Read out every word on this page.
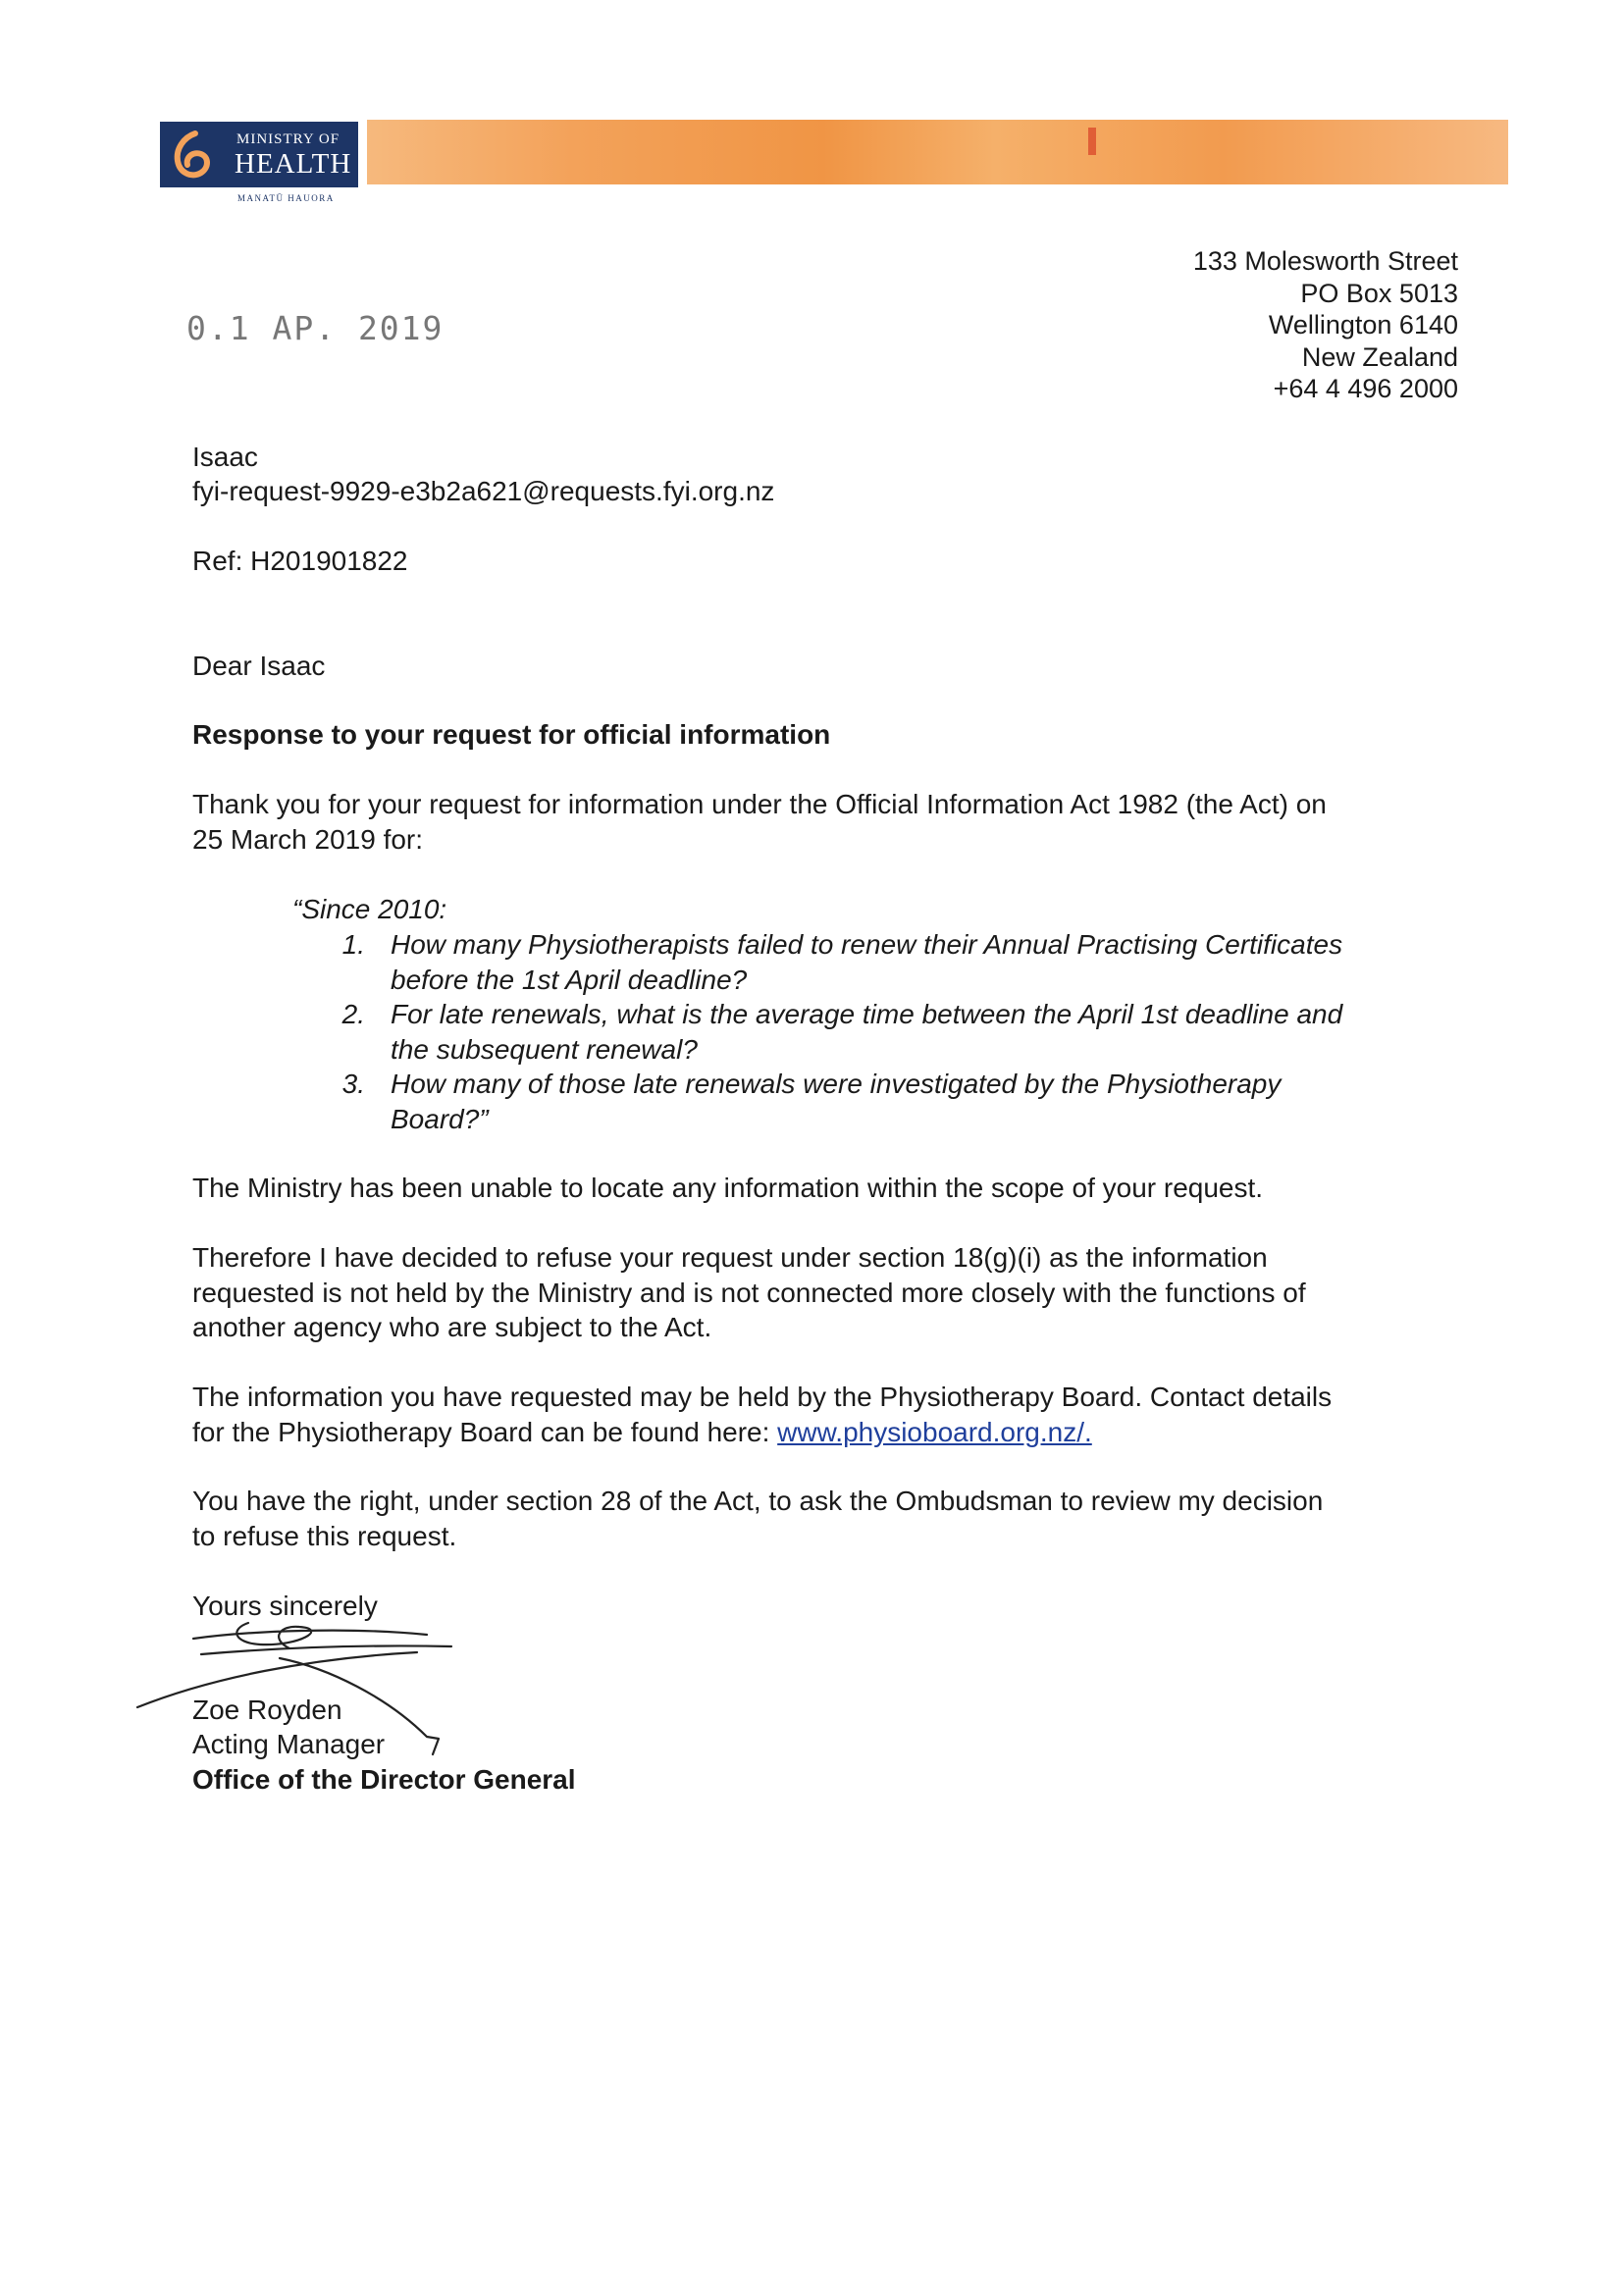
MINISTRY OF
HEALTH
MANATŪ HAUORA
133 Molesworth Street
PO Box 5013
Wellington 6140
New Zealand
+64 4 496 2000
0.1 AP. 2019
Isaac
fyi-request-9929-e3b2a621@requests.fyi.org.nz
Ref: H201901822
Dear Isaac
Response to your request for official information
Thank you for your request for information under the Official Information Act 1982 (the Act) on
25 March 2019 for:
“Since 2010:
1. How many Physiotherapists failed to renew their Annual Practising Certificates
before the 1st April deadline?
2. For late renewals, what is the average time between the April 1st deadline and
the subsequent renewal?
3. How many of those late renewals were investigated by the Physiotherapy
Board?”
The Ministry has been unable to locate any information within the scope of your request.
Therefore I have decided to refuse your request under section 18(g)(i) as the information
requested is not held by the Ministry and is not connected more closely with the functions of
another agency who are subject to the Act.
The information you have requested may be held by the Physiotherapy Board. Contact details
for the Physiotherapy Board can be found here: www.physioboard.org.nz/.
You have the right, under section 28 of the Act, to ask the Ombudsman to review my decision
to refuse this request.
Yours sincerely
Zoe Royden
Acting Manager
Office of the Director General
